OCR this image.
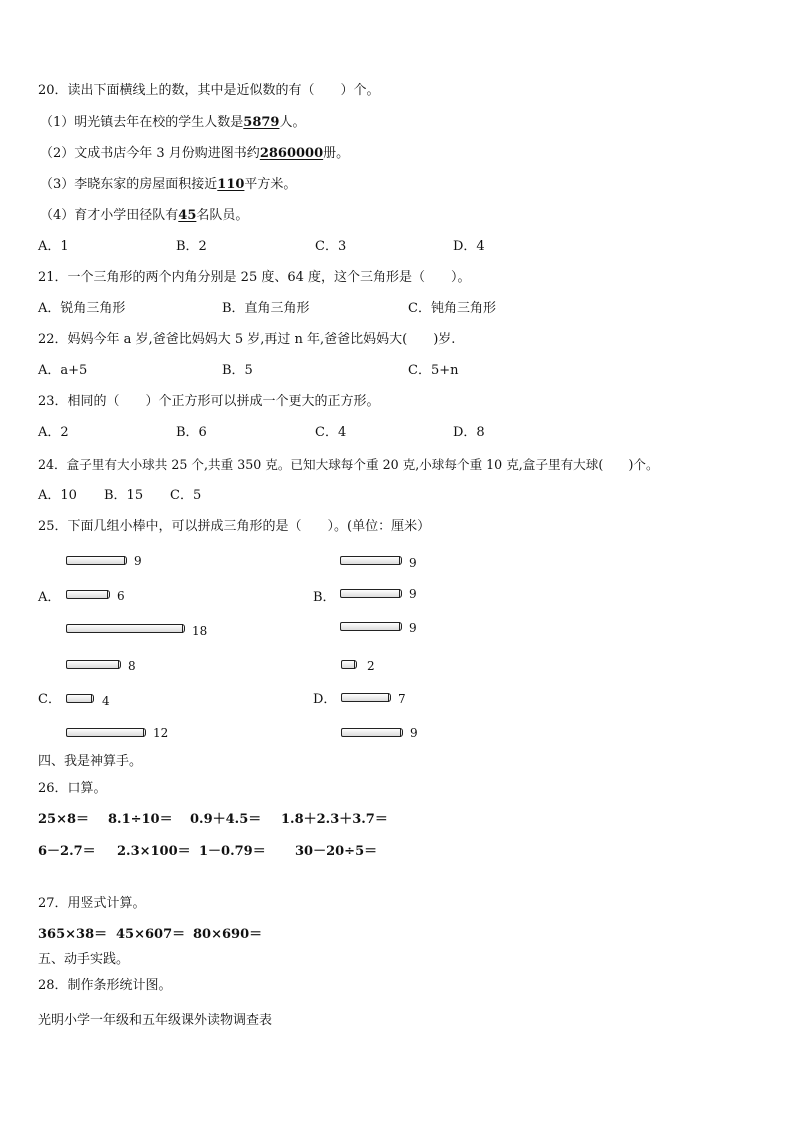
20．读出下面横线上的数，其中是近似数的有（　　）个。
（1）明光镇去年在校的学生人数是5879人。
（2）文成书店今年 3 月份购进图书约2860000册。
（3）李晓东家的房屋面积接近110平方米。
（4）育才小学田径队有45名队员。
A．1	B．2	C．3	D．4
21．一个三角形的两个内角分别是 25 度、64 度，这个三角形是（　　）。
A．锐角三角形	B．直角三角形	C．钝角三角形
22．妈妈今年 a 岁,爸爸比妈妈大 5 岁,再过 n 年,爸爸比妈妈大(　　)岁.
A．a+5	B．5	C．5+n
23．相同的（　　）个正方形可以拼成一个更大的正方形。
A．2	B．6	C．4	D．8
24．盒子里有大小球共 25 个,共重 350 克。已知大球每个重 20 克,小球每个重 10 克,盒子里有大球(　　)个。
A．10 B．15 C．5
25．下面几组小棒中，可以拼成三角形的是（　　）。(单位：厘米）
9
A．	6
18
9
B．	9
9
8
C．	4
12
2
D．	7
9
四、我是神算手。
26．口算。
25×8＝ 8.1÷10＝ 0.9＋4.5＝ 1.8＋2.3＋3.7＝
6－2.7＝ 2.3×100＝ 1－0.79＝ 30－20÷5＝
27．用竖式计算。
365×38＝ 45×607＝ 80×690＝
五、动手实践。
28．制作条形统计图。
光明小学一年级和五年级课外读物调查表
